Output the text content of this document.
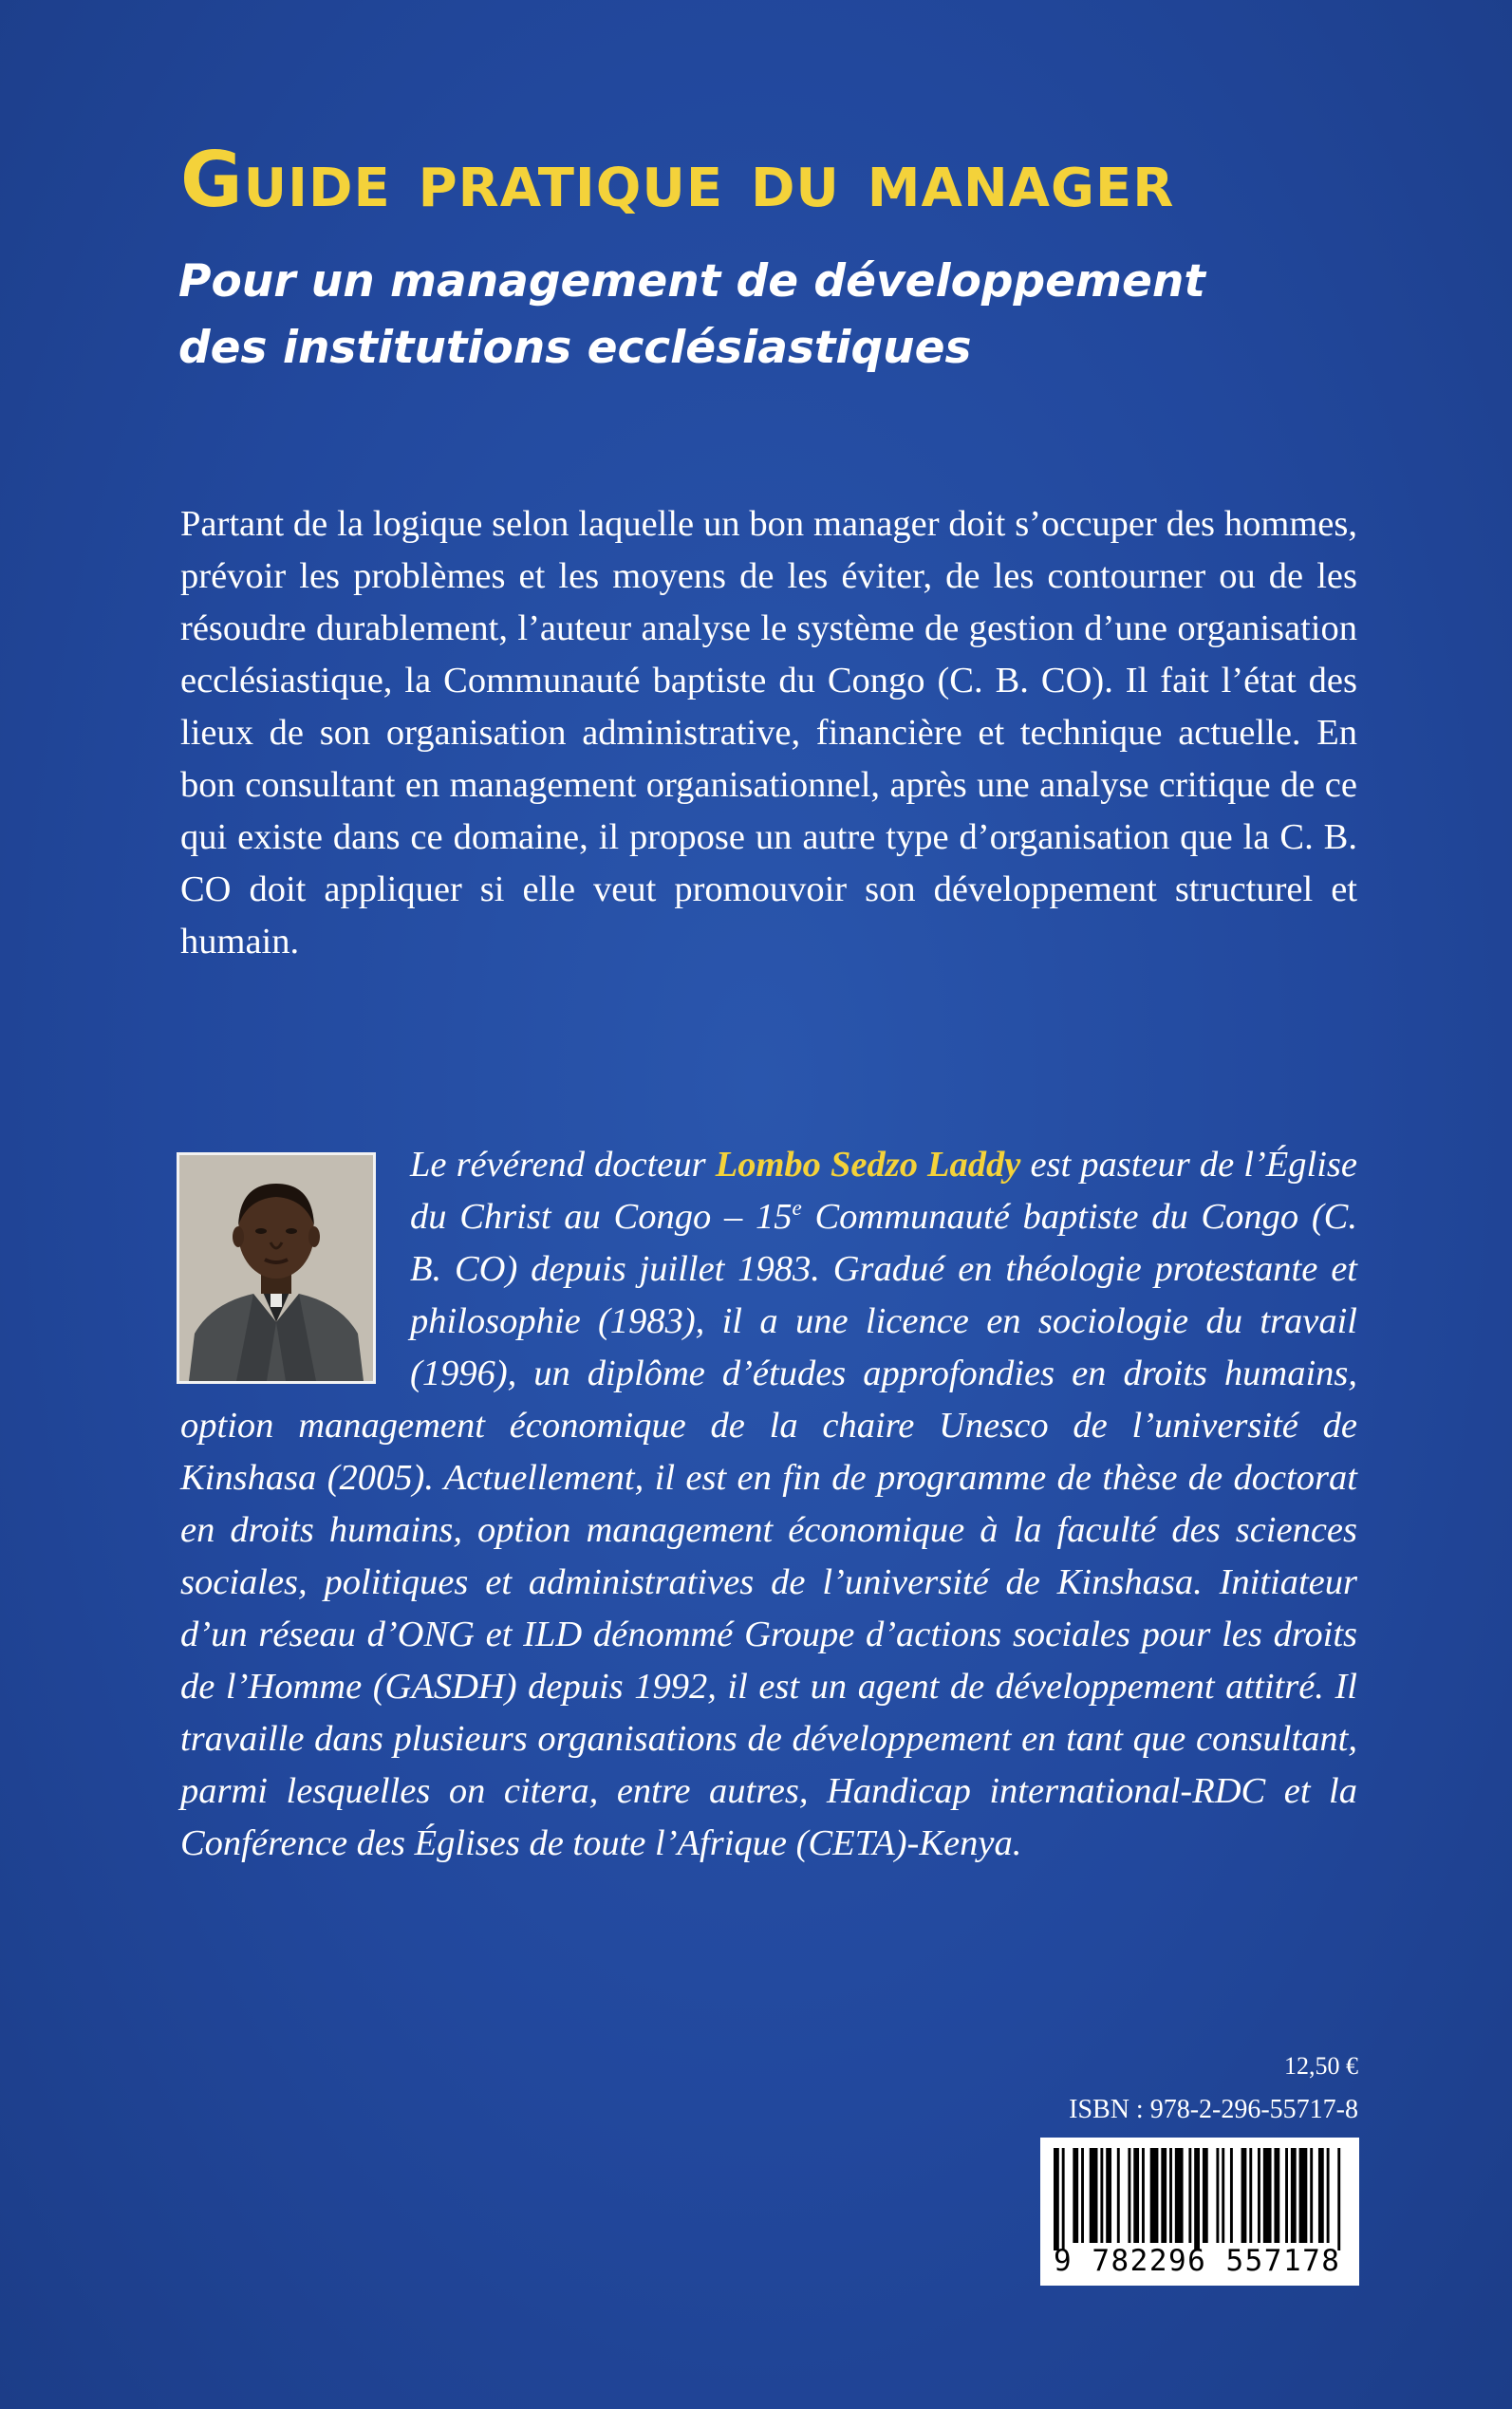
Guide pratique du manager
Pour un management de développement
des institutions ecclésiastiques

Partant de la logique selon laquelle un bon manager doit s’occuper des hommes, prévoir les problèmes et les moyens de les éviter, de les contourner ou de les résoudre durablement, l’auteur analyse le système de gestion d’une organisation ecclésiastique, la Communauté baptiste du Congo (C. B. CO). Il fait l’état des lieux de son organisation administrative, financière et technique actuelle. En bon consultant en management organisationnel, après une analyse critique de ce qui existe dans ce domaine, il propose un autre type d’organisation que la C. B. CO doit appliquer si elle veut promouvoir son développement structurel et humain.

Le révérend docteur Lombo Sedzo Laddy est pasteur de l’Église du Christ au Congo – 15e Communauté baptiste du Congo (C. B. CO) depuis juillet 1983. Gradué en théologie protestante et philosophie (1983), il a une licence en sociologie du travail (1996), un diplôme d’études approfondies en droits humains, option management économique de la chaire Unesco de l’université de Kinshasa (2005). Actuellement, il est en fin de programme de thèse de doctorat en droits humains, option management économique à la faculté des sciences sociales, politiques et administratives de l’université de Kinshasa. Initiateur d’un réseau d’ONG et ILD dénommé Groupe d’actions sociales pour les droits de l’Homme (GASDH) depuis 1992, il est un agent de développement attitré. Il travaille dans plusieurs organisations de développement en tant que consultant, parmi lesquelles on citera, entre autres, Handicap international-RDC et la Conférence des Églises de toute l’Afrique (CETA)-Kenya.

12,50 €
ISBN : 978-2-296-55717-8
9 782296 557178
